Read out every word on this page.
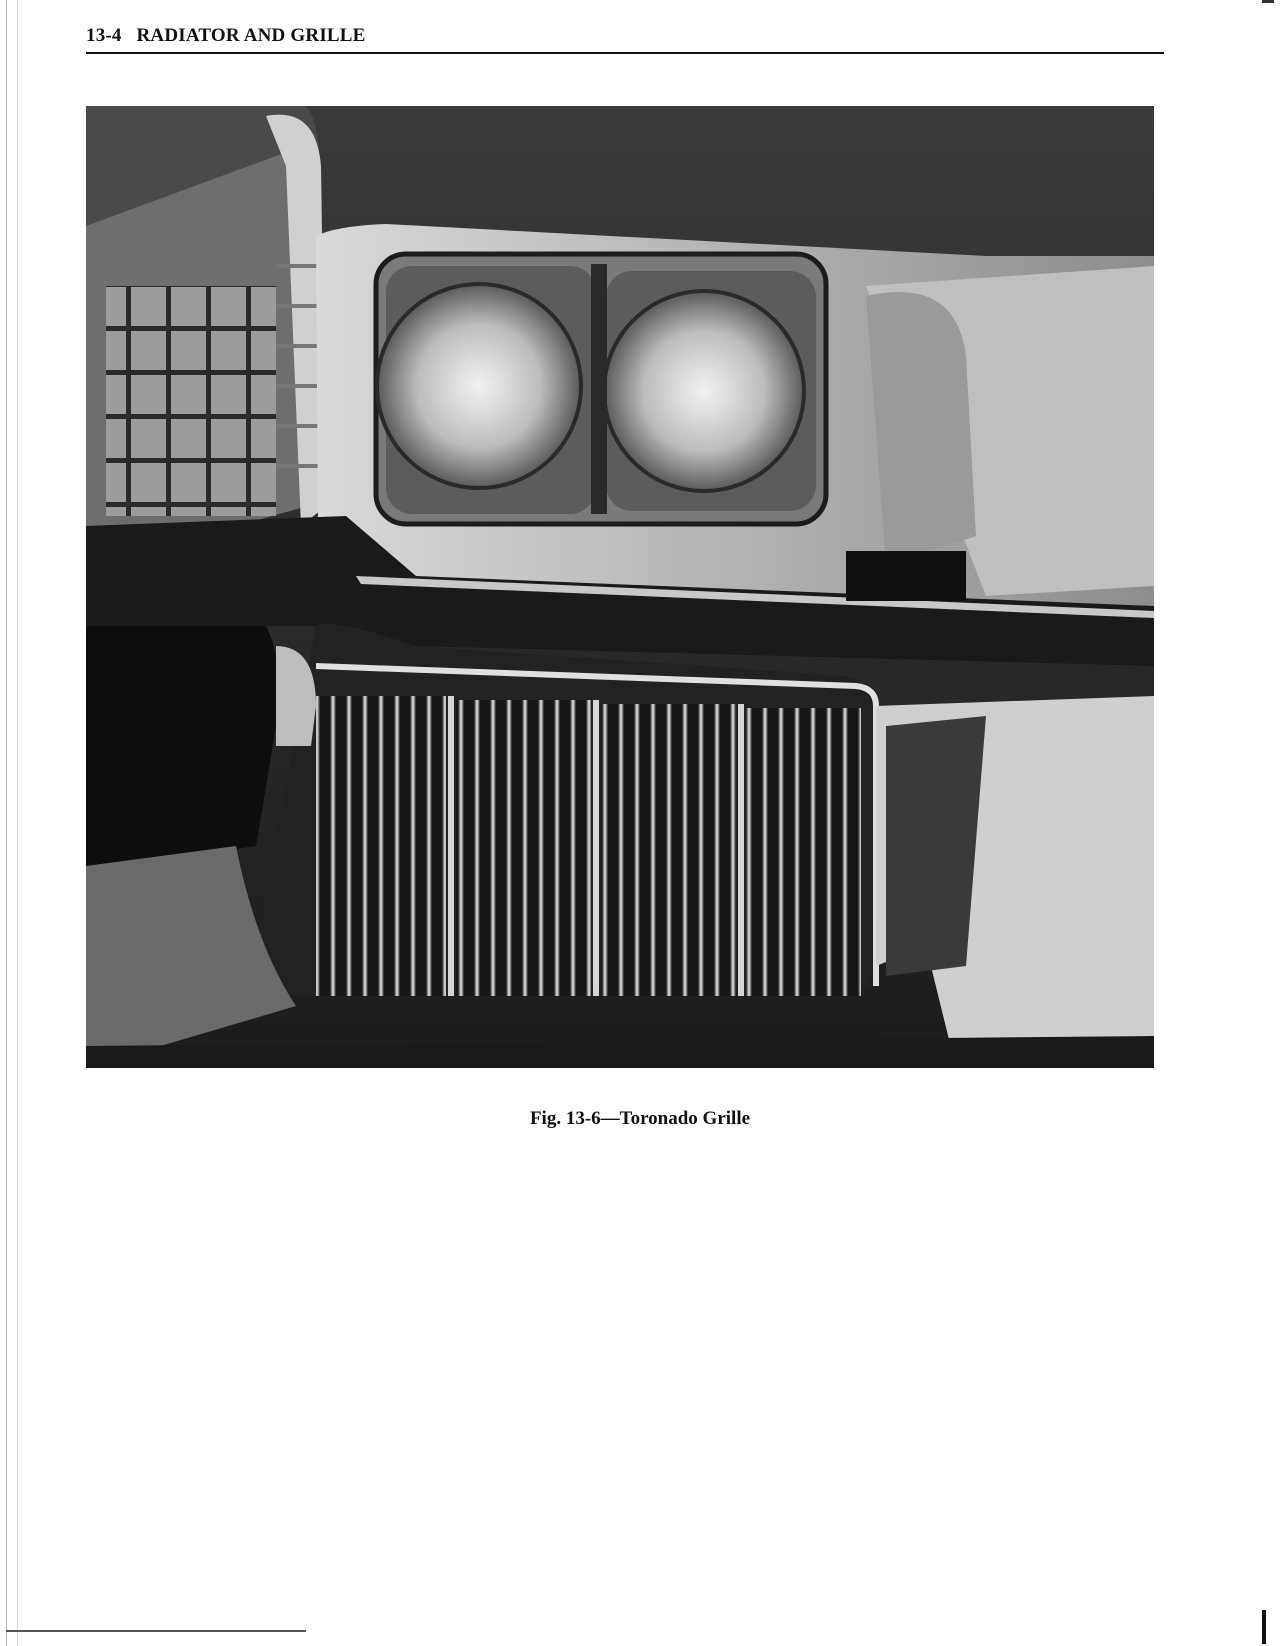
13-4 RADIATOR AND GRILLE
Fig. 13-6—Toronado Grille
